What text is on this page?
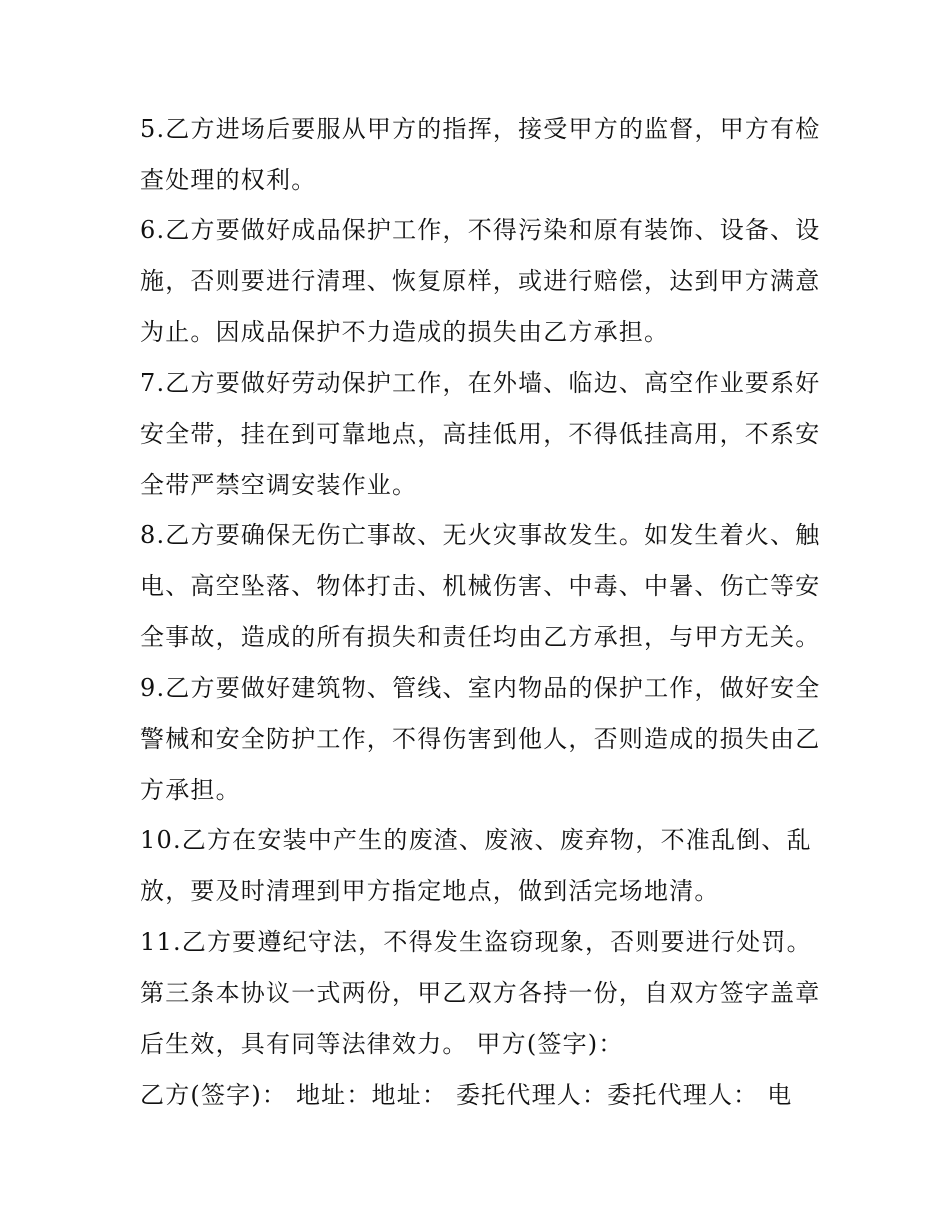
5.乙方进场后要服从甲方的指挥，接受甲方的监督，甲方有检

查处理的权利。

6.乙方要做好成品保护工作，不得污染和原有装饰、设备、设

施，否则要进行清理、恢复原样，或进行赔偿，达到甲方满意

为止。因成品保护不力造成的损失由乙方承担。

7.乙方要做好劳动保护工作，在外墙、临边、高空作业要系好

安全带，挂在到可靠地点，高挂低用，不得低挂高用，不系安

全带严禁空调安装作业。

8.乙方要确保无伤亡事故、无火灾事故发生。如发生着火、触

电、高空坠落、物体打击、机械伤害、中毒、中暑、伤亡等安

全事故，造成的所有损失和责任均由乙方承担，与甲方无关。

9.乙方要做好建筑物、管线、室内物品的保护工作，做好安全

警械和安全防护工作，不得伤害到他人，否则造成的损失由乙

方承担。

10.乙方在安装中产生的废渣、废液、废弃物，不准乱倒、乱

放，要及时清理到甲方指定地点，做到活完场地清。

11.乙方要遵纪守法，不得发生盗窃现象，否则要进行处罚。

第三条本协议一式两份，甲乙双方各持一份，自双方签字盖章

后生效，具有同等法律效力。 甲方(签字)：

乙方(签字)： 地址：地址： 委托代理人：委托代理人： 电
